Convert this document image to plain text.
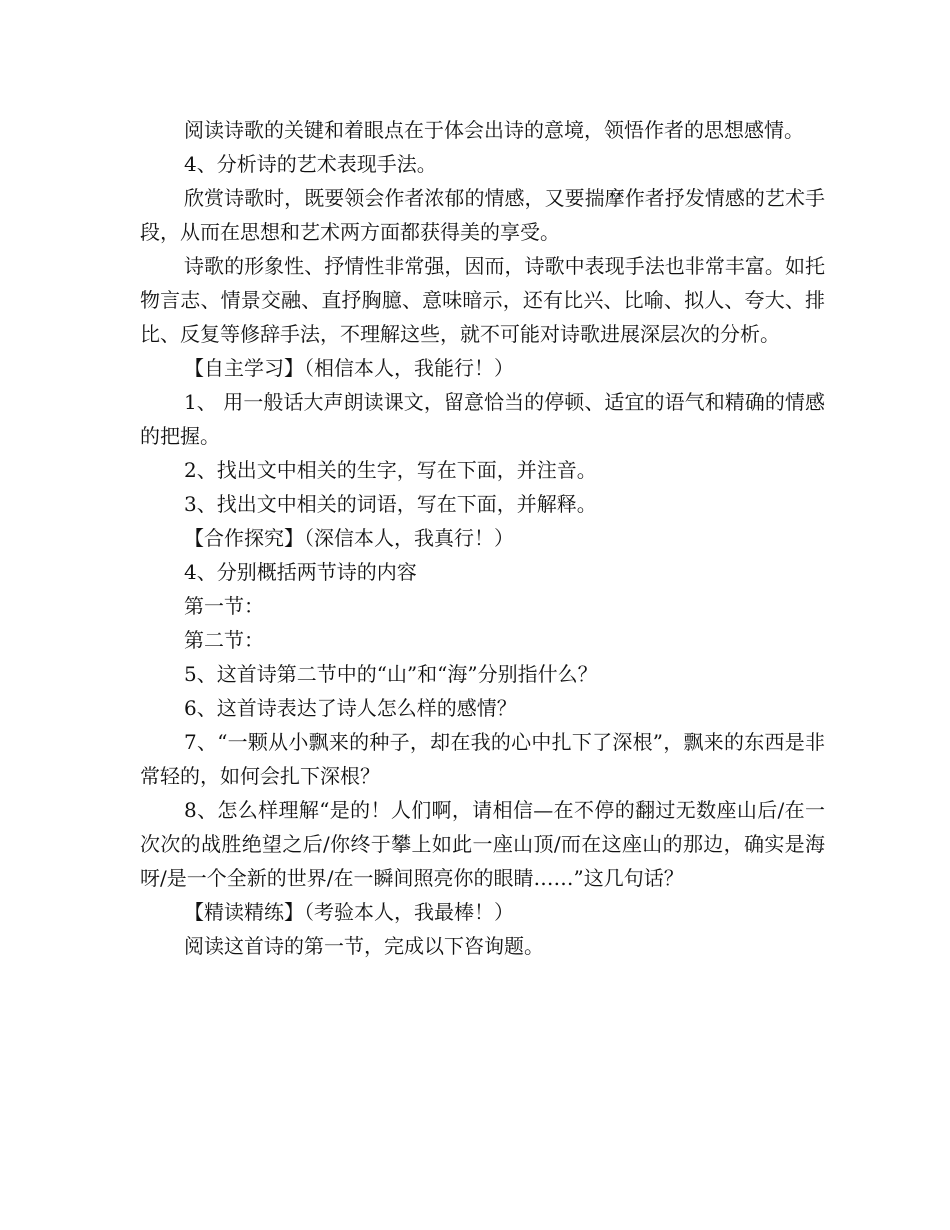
阅读诗歌的关键和着眼点在于体会出诗的意境，领悟作者的思想感情。

4、分析诗的艺术表现手法。

欣赏诗歌时，既要领会作者浓郁的情感，又要揣摩作者抒发情感的艺术手段，从而在思想和艺术两方面都获得美的享受。

诗歌的形象性、抒情性非常强，因而，诗歌中表现手法也非常丰富。如托物言志、情景交融、直抒胸臆、意味暗示，还有比兴、比喻、拟人、夸大、排比、反复等修辞手法，不理解这些，就不可能对诗歌进展深层次的分析。

【自主学习】（相信本人，我能行！）

1、 用一般话大声朗读课文，留意恰当的停顿、适宜的语气和精确的情感的把握。

2、找出文中相关的生字，写在下面，并注音。

3、找出文中相关的词语，写在下面，并解释。

【合作探究】（深信本人，我真行！）

4、分别概括两节诗的内容

第一节：

第二节：

5、这首诗第二节中的“山”和“海”分别指什么？

6、这首诗表达了诗人怎么样的感情？

7、“一颗从小飘来的种子，却在我的心中扎下了深根”，飘来的东西是非常轻的，如何会扎下深根？

8、怎么样理解“是的！人们啊，请相信—在不停的翻过无数座山后/在一次次的战胜绝望之后/你终于攀上如此一座山顶/而在这座山的那边，确实是海呀/是一个全新的世界/在一瞬间照亮你的眼睛……”这几句话？

【精读精练】（考验本人，我最棒！）

阅读这首诗的第一节，完成以下咨询题。
